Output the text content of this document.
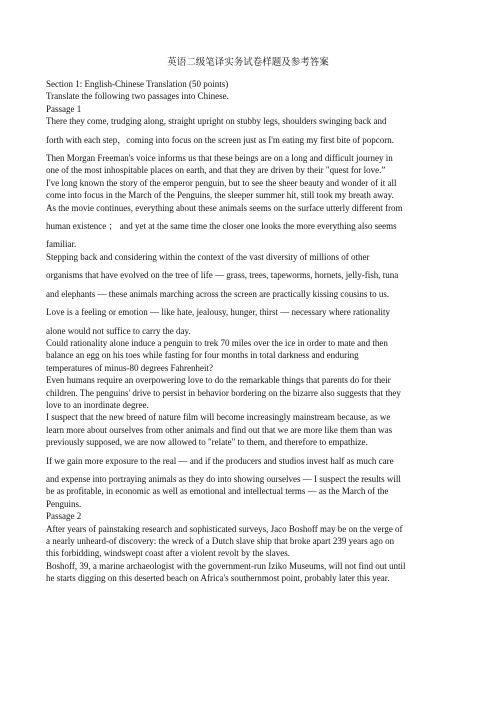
英语二级笔译实务试卷样题及参考答案

Section 1: English-Chinese Translation (50 points)

Translate the following two passages into Chinese.

Passage 1

There they come, trudging along, straight upright on stubby legs, shoulders swinging back and

forth with each step，coming into focus on the screen just as I'm eating my first bite of popcorn.

Then Morgan Freeman's voice informs us that these beings are on a long and difficult journey in

one of the most inhospitable places on earth, and that they are driven by their "quest for love.”

I've long known the story of the emperor penguin, but to see the sheer beauty and wonder of it all

come into focus in the March of the Penguins, the sleeper summer hit, still took my breath away.

As the movie continues, everything about these animals seems on the surface utterly different from

human existence ； and yet at the same time the closer one looks the more everything also seems

familiar.

Stepping back and considering within the context of the vast diversity of millions of other

organisms that have evolved on the tree of life — grass, trees, tapeworms, hornets, jelly-fish, tuna

and elephants — these animals marching across the screen are practically kissing cousins to us.

Love is a feeling or emotion — like hate, jealousy, hunger, thirst — necessary where rationality

alone would not suffice to carry the day.

Could rationality alone induce a penguin to trek 70 miles over the ice in order to mate and then

balance an egg on his toes while fasting for four months in total darkness and enduring

temperatures of minus-80 degrees Fahrenheit?

Even humans require an overpowering love to do the remarkable things that parents do for their

children. The penguins' drive to persist in behavior bordering on the bizarre also suggests that they

love to an inordinate degree.

I suspect that the new breed of nature film will become increasingly mainstream because, as we

learn more about ourselves from other animals and find out that we are more like them than was

previously supposed, we are now allowed to "relate" to them, and therefore to empathize.

If we gain more exposure to the real — and if the producers and studios invest half as much care

and expense into portraying animals as they do into showing ourselves — I suspect the results will

be as profitable, in economic as well as emotional and intellectual terms — as the March of the

Penguins.

Passage 2

After years of painstaking research and sophisticated surveys, Jaco Boshoff may be on the verge of

a nearly unheard-of discovery: the wreck of a Dutch slave ship that broke apart 239 years ago on

this forbidding, windswept coast after a violent revolt by the slaves.

Boshoff, 39, a marine archaeologist with the government-run Iziko Museums, will not find out until

he starts digging on this deserted beach on Africa's southernmost point, probably later this year.
